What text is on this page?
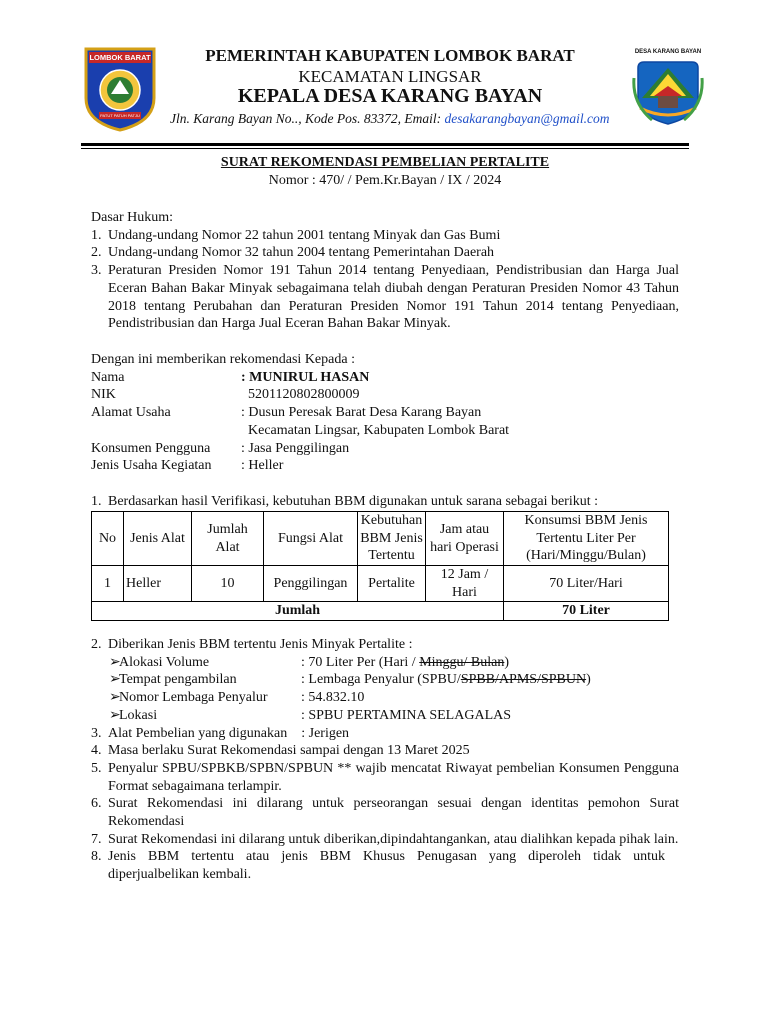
LOMBOK BARAT
PATUT PATUH PATJU
PEMERINTAH KABUPATEN LOMBOK BARAT
KECAMATAN LINGSAR
KEPALA DESA KARANG BAYAN
Jln. Karang Bayan No.., Kode Pos. 83372, Email: desakarangbayan@gmail.com
DESA KARANG BAYAN
SURAT REKOMENDASI PEMBELIAN PERTALITE
Nomor : 470/ / Pem.Kr.Bayan / IX / 2024
Dasar Hukum:
1. Undang-undang Nomor 22 tahun 2001 tentang Minyak dan Gas Bumi
2. Undang-undang Nomor 32 tahun 2004 tentang Pemerintahan Daerah
3. Peraturan Presiden Nomor 191 Tahun 2014 tentang Penyediaan, Pendistribusian dan Harga Jual Eceran Bahan Bakar Minyak sebagaimana telah diubah dengan Peraturan Presiden Nomor 43 Tahun 2018 tentang Perubahan dan Peraturan Presiden Nomor 191 Tahun 2014 tentang Penyediaan, Pendistribusian dan Harga Jual Eceran Bahan Bakar Minyak.
Dengan ini memberikan rekomendasi Kepada :
Nama	: MUNIRUL HASAN
NIK	5201120802800009
Alamat Usaha	: Dusun Peresak Barat Desa Karang Bayan
Kecamatan Lingsar, Kabupaten Lombok Barat
Konsumen Pengguna	: Jasa Penggilingan
Jenis Usaha Kegiatan	: Heller
1. Berdasarkan hasil Verifikasi, kebutuhan BBM digunakan untuk sarana sebagai berikut :
No	Jenis Alat	Jumlah Alat	Fungsi Alat	Kebutuhan BBM Jenis Tertentu	Jam atau hari Operasi	Konsumsi BBM Jenis Tertentu Liter Per (Hari/Minggu/Bulan)
1	Heller	10	Penggilingan	Pertalite	12 Jam / Hari	70 Liter/Hari
Jumlah						70 Liter
2. Diberikan Jenis BBM tertentu Jenis Minyak Pertalite :
➢
Alokasi Volume	: 70 Liter Per (Hari / Minggu/ Bulan)
➢
Tempat pengambilan	: Lembaga Penyalur (SPBU/SPBB/APMS/SPBUN)
➢
Nomor Lembaga Penyalur	: 54.832.10
➢
Lokasi	: SPBU PERTAMINA SELAGALAS
3. Alat Pembelian yang digunakan    : Jerigen
4. Masa berlaku Surat Rekomendasi sampai dengan 13 Maret 2025
5. Penyalur SPBU/SPBKB/SPBN/SPBUN ** wajib mencatat Riwayat pembelian Konsumen Pengguna Format sebagaimana terlampir.
6. Surat Rekomendasi ini dilarang untuk perseorangan sesuai dengan identitas pemohon Surat Rekomendasi
7. Surat Rekomendasi ini dilarang untuk diberikan,dipindahtangankan, atau dialihkan kepada pihak lain.
8. Jenis BBM tertentu atau jenis BBM Khusus Penugasan yang diperoleh tidak untuk diperjualbelikan kembali.
